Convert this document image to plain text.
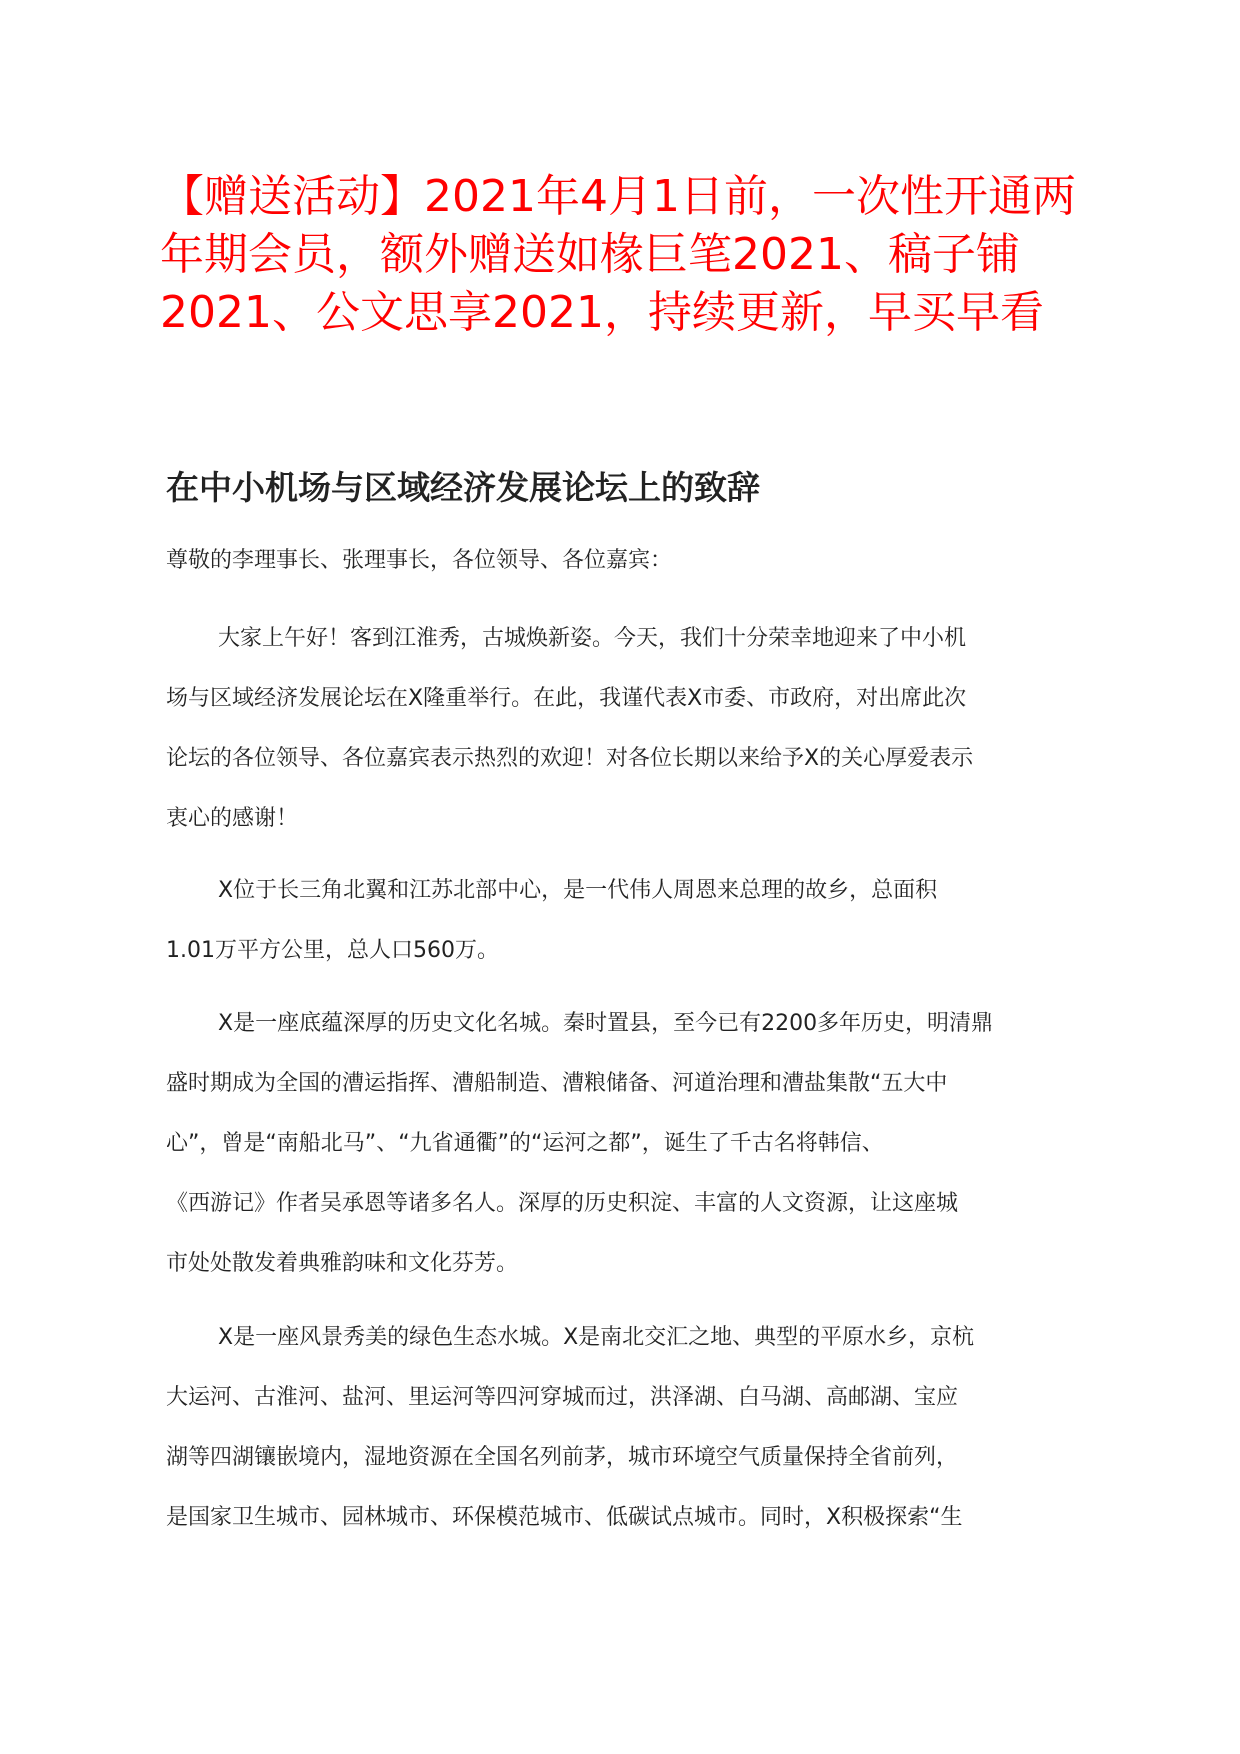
【赠送活动】2021年4月1日前，一次性开通两
年期会员，额外赠送如椽巨笔2021、稿子铺
2021、公文思享2021，持续更新，早买早看
在中小机场与区域经济发展论坛上的致辞

尊敬的李理事长、张理事长，各位领导、各位嘉宾：

大家上午好！客到江淮秀，古城焕新姿。今天，我们十分荣幸地迎来了中小机
场与区域经济发展论坛在X隆重举行。在此，我谨代表X市委、市政府，对出席此次
论坛的各位领导、各位嘉宾表示热烈的欢迎！对各位长期以来给予X的关心厚爱表示
衷心的感谢！
X位于长三角北翼和江苏北部中心，是一代伟人周恩来总理的故乡，总面积
1.01万平方公里，总人口560万。
X是一座底蕴深厚的历史文化名城。秦时置县，至今已有2200多年历史，明清鼎
盛时期成为全国的漕运指挥、漕船制造、漕粮储备、河道治理和漕盐集散“五大中
心”，曾是“南船北马”、“九省通衢”的“运河之都”，诞生了千古名将韩信、
《西游记》作者吴承恩等诸多名人。深厚的历史积淀、丰富的人文资源，让这座城
市处处散发着典雅韵味和文化芬芳。
X是一座风景秀美的绿色生态水城。X是南北交汇之地、典型的平原水乡，京杭
大运河、古淮河、盐河、里运河等四河穿城而过，洪泽湖、白马湖、高邮湖、宝应
湖等四湖镶嵌境内，湿地资源在全国名列前茅，城市环境空气质量保持全省前列，
是国家卫生城市、园林城市、环保模范城市、低碳试点城市。同时，X积极探索“生
